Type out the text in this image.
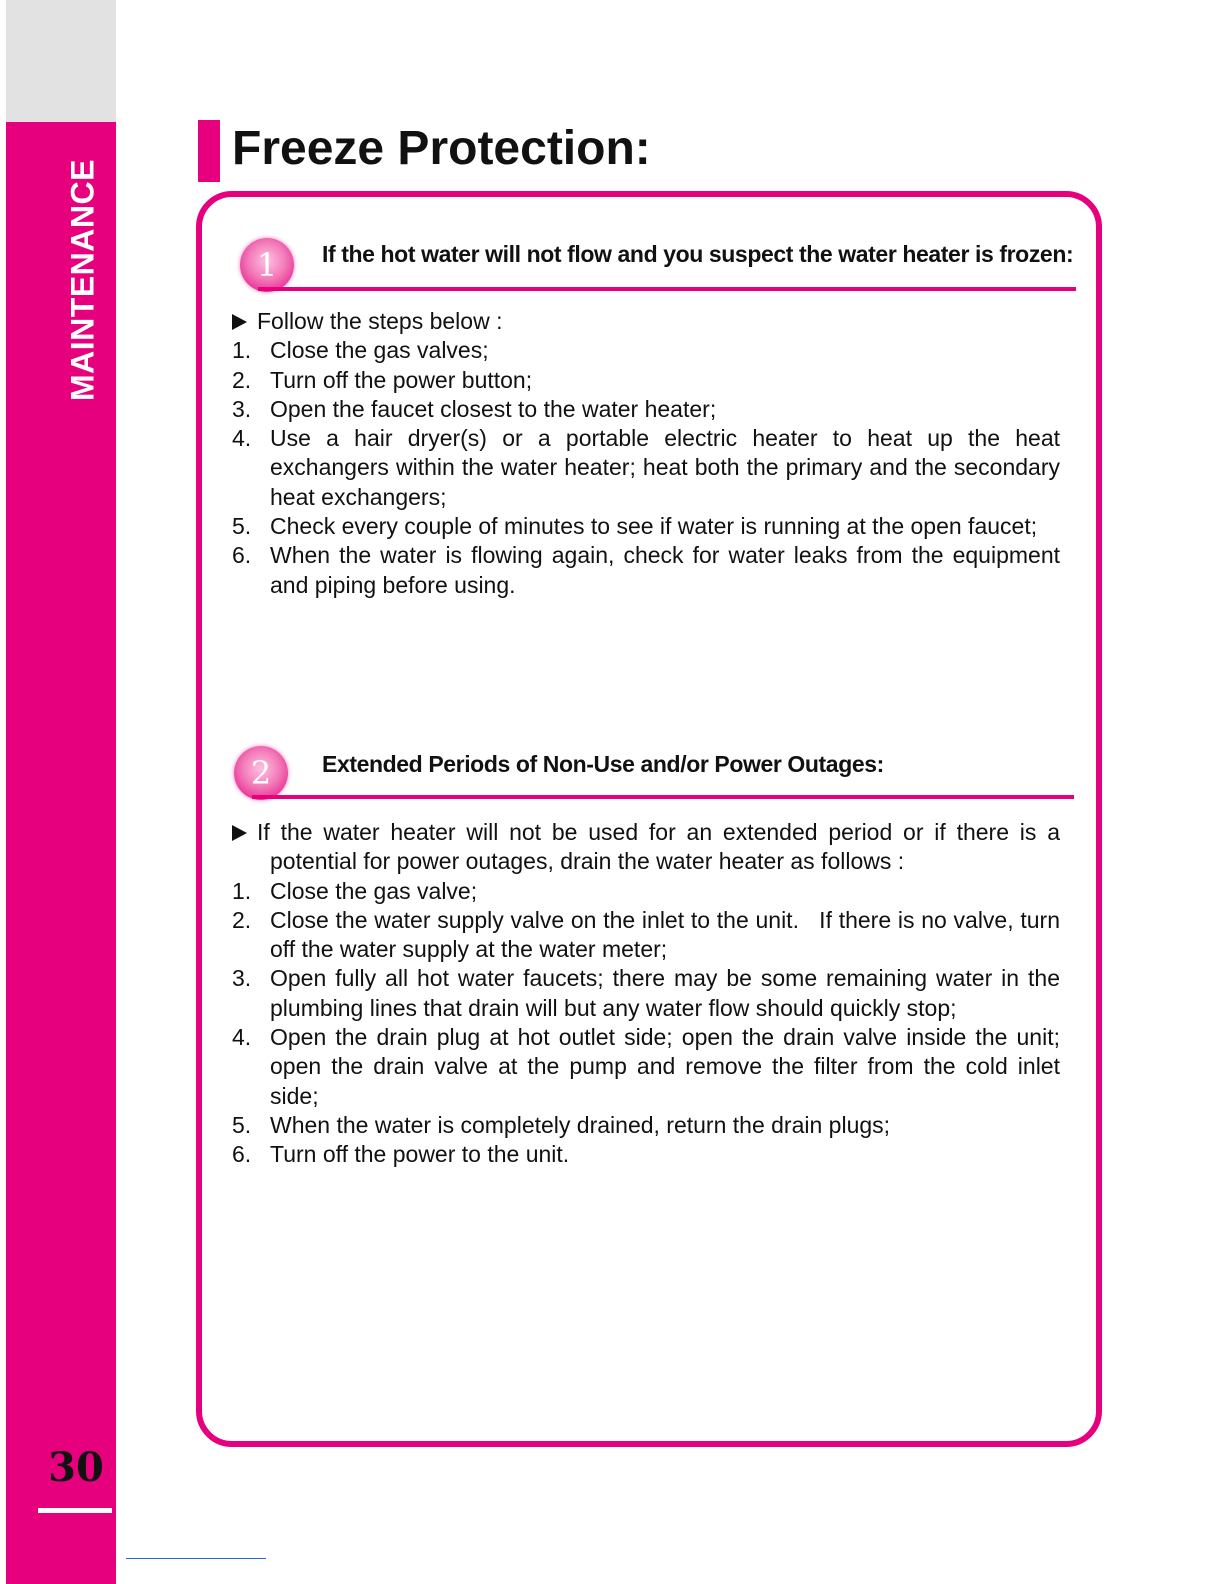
MAINTENANCE
30
Freeze Protection:
1	If the hot water will not flow and you suspect the water heater is frozen:
Follow the steps below :
1. Close the gas valves;
2. Turn off the power button;
3. Open the faucet closest to the water heater;
4. Use a hair dryer(s) or a portable electric heater to heat up the heat exchangers within the water heater; heat both the primary and the secondary heat exchangers;
5. Check every couple of minutes to see if water is running at the open faucet;
6. When the water is flowing again, check for water leaks from the equipment and piping before using.
2	Extended Periods of Non-Use and/or Power Outages:
If the water heater will not be used for an extended period or if there is a potential for power outages, drain the water heater as follows :
1. Close the gas valve;
2. Close the water supply valve on the inlet to the unit.   If there is no valve, turn off the water supply at the water meter;
3. Open fully all hot water faucets; there may be some remaining water in the plumbing lines that drain will but any water flow should quickly stop;
4. Open the drain plug at hot outlet side; open the drain valve inside the unit; open the drain valve at the pump and remove the filter from the cold inlet side;
5. When the water is completely drained, return the drain plugs;
6. Turn off the power to the unit.
